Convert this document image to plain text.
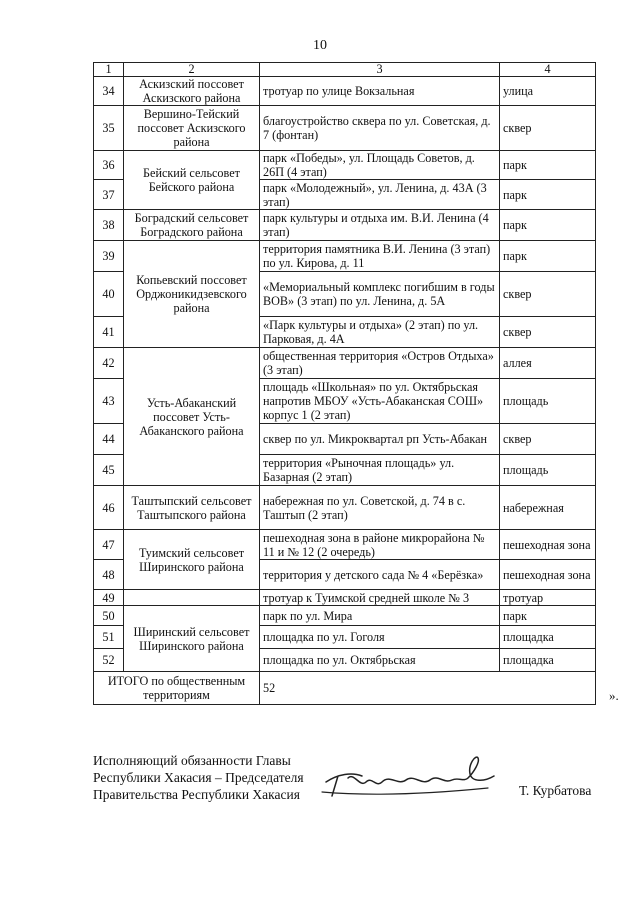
10
1	2	3	4
34	Аскизский поссовет Аскизского района	тротуар по улице Вокзальная	улица
35	Вершино-Тейский поссовет Аскизского района	благоустройство сквера по ул. Советская, д. 7 (фонтан)	сквер
36	Бейский сельсовет Бейского района	парк «Победы», ул. Площадь Советов, д. 26П (4 этап)	парк
37		парк «Молодежный», ул. Ленина, д. 43А (3 этап)	парк
38	Боградский сельсовет Боградского района	парк культуры и отдыха им. В.И. Ленина (4 этап)	парк
39	Копьевский поссовет Орджоникидзевского района	территория памятника В.И. Ленина (3 этап) по ул. Кирова, д. 11	парк
40		«Мемориальный комплекс погибшим в годы ВОВ» (3 этап) по ул. Ленина, д. 5А	сквер
41		«Парк культуры и отдыха» (2 этап) по ул. Парковая, д. 4А	сквер
42	Усть-Абаканский поссовет Усть-Абаканского района	общественная территория «Остров Отдыха» (3 этап)	аллея
43		площадь «Школьная» по ул. Октябрьская напротив МБОУ «Усть-Абаканская СОШ» корпус 1 (2 этап)	площадь
44		сквер по ул. Микроквартал рп Усть-Абакан	сквер
45		территория «Рыночная площадь» ул. Базарная (2 этап)	площадь
46	Таштыпский сельсовет Таштыпского района	набережная по ул. Советской, д. 74 в с. Таштып (2 этап)	набережная
47	Туимский сельсовет Ширинского района	пешеходная зона в районе микрорайона № 11 и № 12 (2 очередь)	пешеходная зона
48		территория у детского сада № 4 «Берёзка»	пешеходная зона
49		тротуар к Туимской средней школе № 3	тротуар
50	Ширинский сельсовет Ширинского района	парк по ул. Мира	парк
51		площадка по ул. Гоголя	площадка
52		площадка по ул. Октябрьская	площадка
ИТОГО по общественным территориям		52		».
Исполняющий обязанности Главы
Республики Хакасия – Председателя
Правительства Республики Хакасия	Т. Курбатова
